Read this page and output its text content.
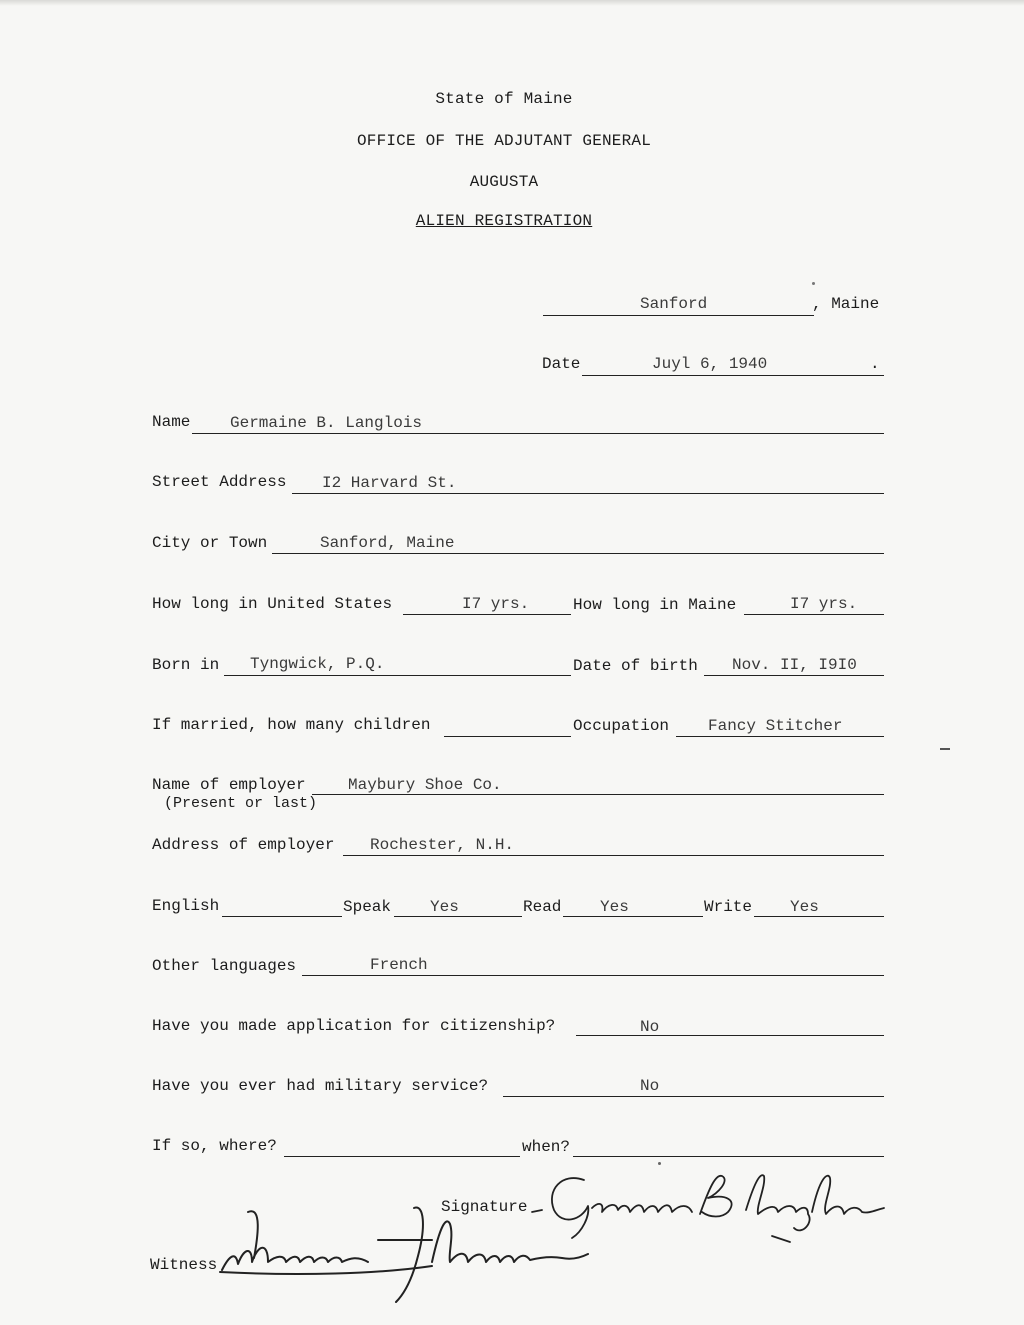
State of Maine
OFFICE OF THE ADJUTANT GENERAL
AUGUSTA
ALIEN REGISTRATION
Sanford	, Maine
Date	Juyl 6, 1940	.
Name Germaine B. Langlois
Street Address I2 Harvard St.
City or Town	Sanford, Maine
How long in United States	I7 yrs.	How long in Maine	I7 yrs.
Born in Tyngwick, P.Q.	Date of birth Nov. II, I9I0
If married, how many children	Occupation Fancy Stitcher
Name of employer
(Present or last)
Maybury Shoe Co.
Address of employer Rochester, N.H.
English	Speak Yes	Read Yes	Write Yes
Other languages	French
Have you made application for citizenship?	No
Have you ever had military service?	No
If so, where?	when?
Signature
Witness
